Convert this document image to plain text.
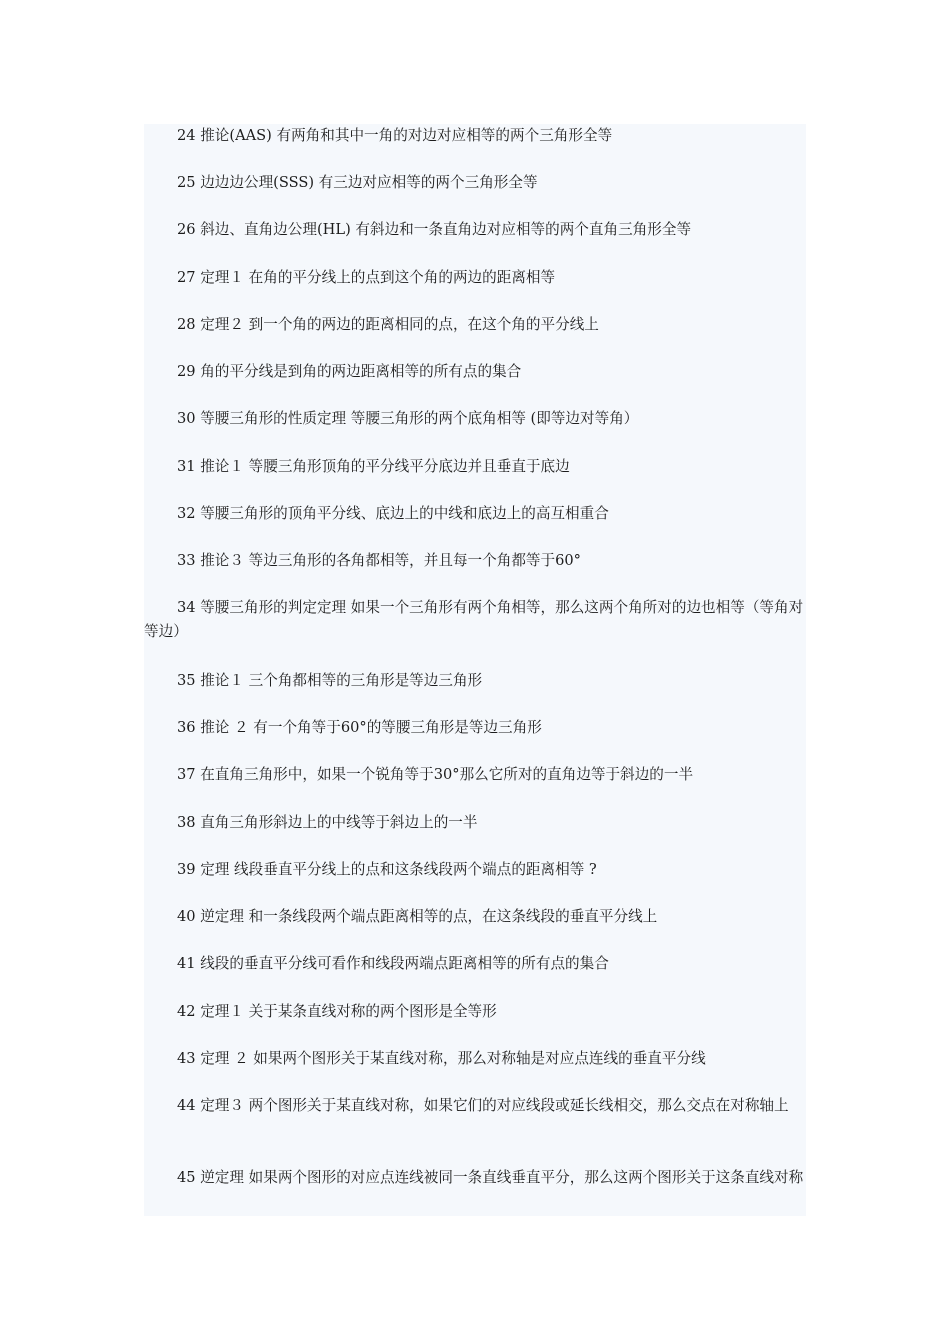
24 推论(AAS) 有两角和其中一角的对边对应相等的两个三角形全等

25 边边边公理(SSS) 有三边对应相等的两个三角形全等

26 斜边、直角边公理(HL) 有斜边和一条直角边对应相等的两个直角三角形全等

27 定理１ 在角的平分线上的点到这个角的两边的距离相等

28 定理２ 到一个角的两边的距离相同的点，在这个角的平分线上

29 角的平分线是到角的两边距离相等的所有点的集合

30 等腰三角形的性质定理 等腰三角形的两个底角相等 (即等边对等角）

31 推论１ 等腰三角形顶角的平分线平分底边并且垂直于底边

32 等腰三角形的顶角平分线、底边上的中线和底边上的高互相重合

33 推论３ 等边三角形的各角都相等，并且每一个角都等于60°

34 等腰三角形的判定定理 如果一个三角形有两个角相等，那么这两个角所对的边也相等（等角对等边）

35 推论１ 三个角都相等的三角形是等边三角形

36 推论 ２ 有一个角等于60°的等腰三角形是等边三角形

37 在直角三角形中，如果一个锐角等于30°那么它所对的直角边等于斜边的一半

38 直角三角形斜边上的中线等于斜边上的一半

39 定理 线段垂直平分线上的点和这条线段两个端点的距离相等 ?

40 逆定理 和一条线段两个端点距离相等的点，在这条线段的垂直平分线上

41 线段的垂直平分线可看作和线段两端点距离相等的所有点的集合

42 定理１ 关于某条直线对称的两个图形是全等形

43 定理 ２ 如果两个图形关于某直线对称，那么对称轴是对应点连线的垂直平分线

44 定理３ 两个图形关于某直线对称，如果它们的对应线段或延长线相交，那么交点在对称轴上

45 逆定理 如果两个图形的对应点连线被同一条直线垂直平分，那么这两个图形关于这条直线对称
